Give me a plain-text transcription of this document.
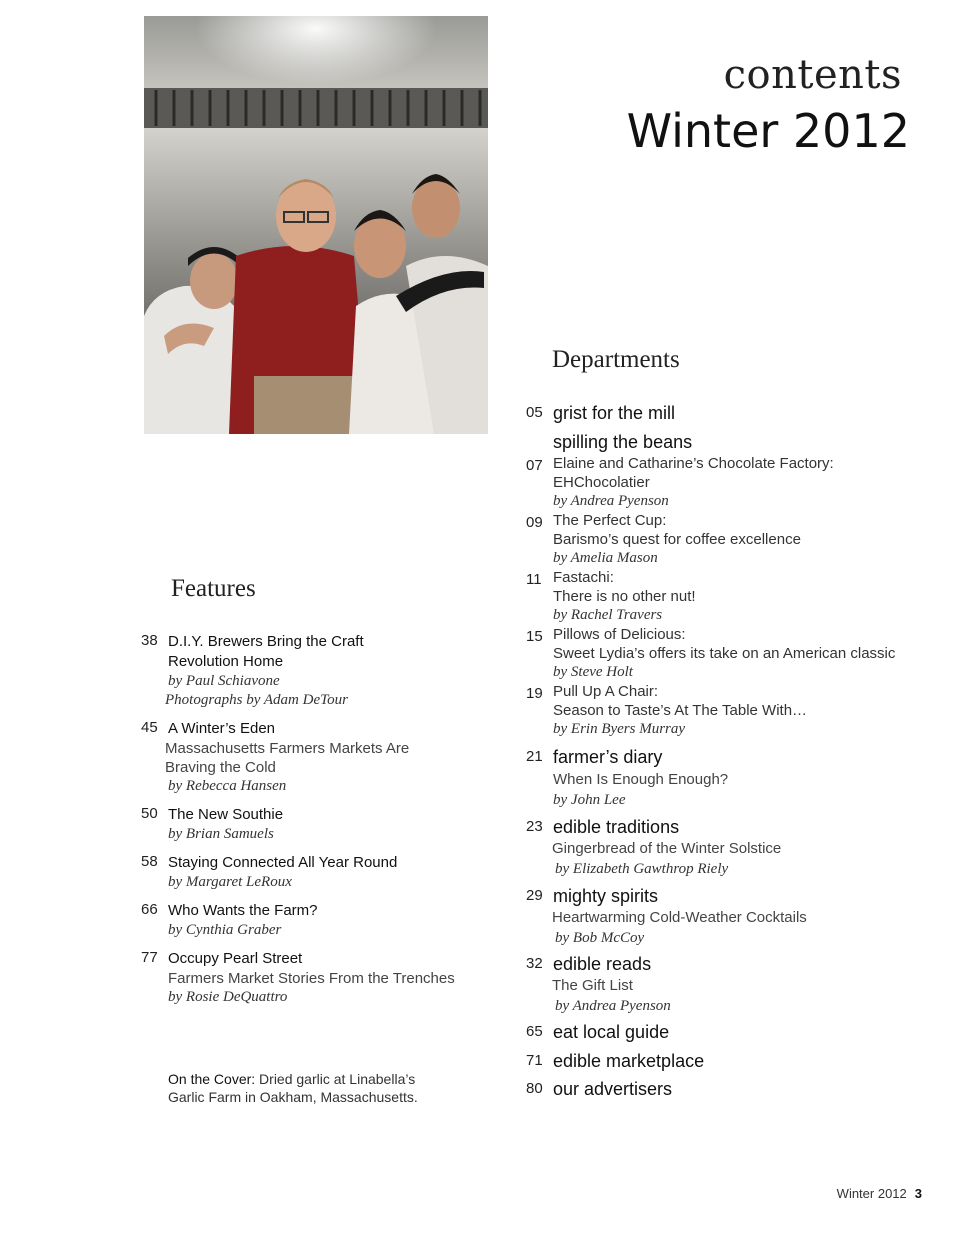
contents
Winter 2012
Features
38 D.I.Y. Brewers Bring the Craft
Revolution Home
by Paul Schiavone
Photographs by Adam DeTour
45 A Winter’s Eden
Massachusetts Farmers Markets Are
Braving the Cold
by Rebecca Hansen
50 The New Southie
by Brian Samuels
58 Staying Connected All Year Round
by Margaret LeRoux
66 Who Wants the Farm?
by Cynthia Graber
77 Occupy Pearl Street
Farmers Market Stories From the Trenches
by Rosie DeQuattro
Departments
05 grist for the mill
spilling the beans
07 Elaine and Catharine’s Chocolate Factory:
EHChocolatier
by Andrea Pyenson
09 The Perfect Cup:
Barismo’s quest for coffee excellence
by Amelia Mason
11 Fastachi:
There is no other nut!
by Rachel Travers
15 Pillows of Delicious:
Sweet Lydia’s offers its take on an American classic
by Steve Holt
19 Pull Up A Chair:
Season to Taste’s At The Table With…
by Erin Byers Murray
21 farmer’s diary
When Is Enough Enough?
by John Lee
23 edible traditions
Gingerbread of the Winter Solstice
by Elizabeth Gawthrop Riely
29 mighty spirits
Heartwarming Cold-Weather Cocktails
by Bob McCoy
32 edible reads
The Gift List
by Andrea Pyenson
65 eat local guide
71 edible marketplace
80 our advertisers
On the Cover: Dried garlic at Linabella’s
Garlic Farm in Oakham, Massachusetts.
Winter 2012 3
